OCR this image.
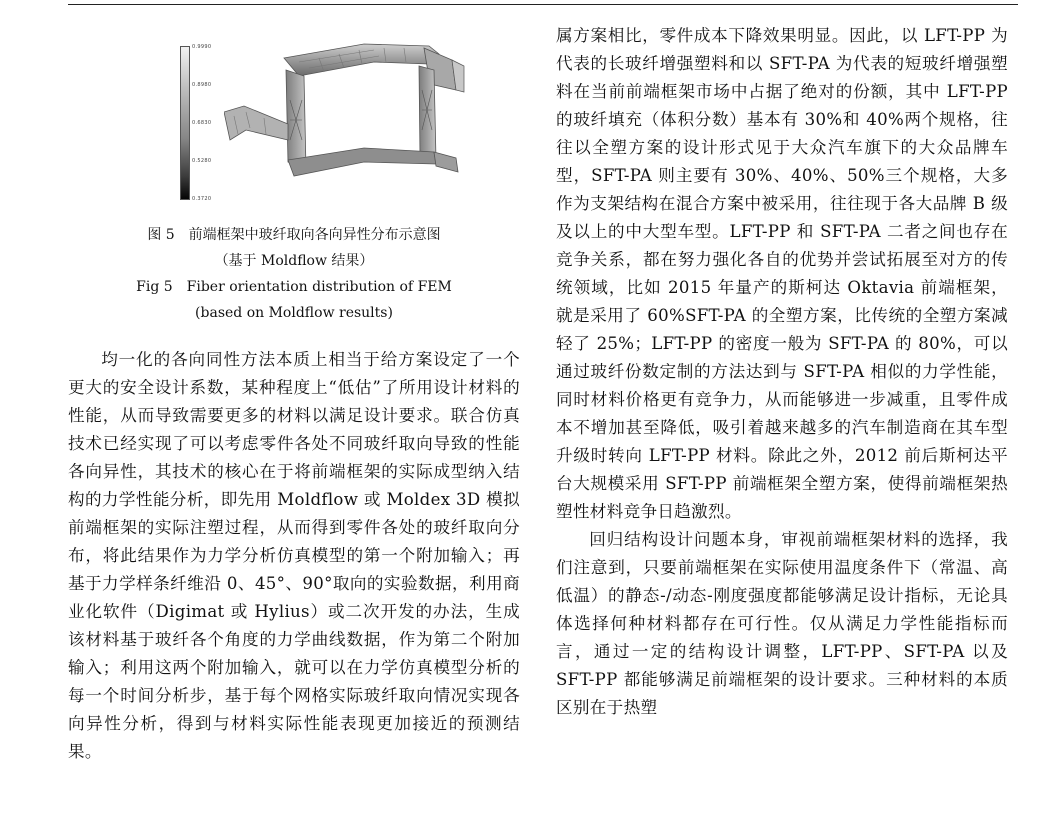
0.9990
0.8980
0.6830
0.5280
0.3720
图 5 前端框架中玻纤取向各向异性分布示意图
（基于 Moldflow 结果）
Fig 5 Fiber orientation distribution of FEM
(based on Moldflow results)

均一化的各向同性方法本质上相当于给方案设定了一个更大的安全设计系数，某种程度上“低估”了所用设计材料的性能，从而导致需要更多的材料以满足设计要求。联合仿真技术已经实现了可以考虑零件各处不同玻纤取向导致的性能各向异性，其技术的核心在于将前端框架的实际成型纳入结构的力学性能分析，即先用 Moldflow 或 Moldex 3D 模拟前端框架的实际注塑过程，从而得到零件各处的玻纤取向分布，将此结果作为力学分析仿真模型的第一个附加输入；再基于力学样条纤维沿 0、45°、90°取向的实验数据，利用商业化软件（Digimat 或 Hylius）或二次开发的办法，生成该材料基于玻纤各个角度的力学曲线数据，作为第二个附加输入；利用这两个附加输入，就可以在力学仿真模型分析的每一个时间分析步，基于每个网格实际玻纤取向情况实现各向异性分析，得到与材料实际性能表现更加接近的预测结果。

属方案相比，零件成本下降效果明显。因此，以 LFT-PP 为代表的长玻纤增强塑料和以 SFT-PA 为代表的短玻纤增强塑料在当前前端框架市场中占据了绝对的份额，其中 LFT-PP 的玻纤填充（体积分数）基本有 30%和 40%两个规格，往往以全塑方案的设计形式见于大众汽车旗下的大众品牌车型，SFT-PA 则主要有 30%、40%、50%三个规格，大多作为支架结构在混合方案中被采用，往往现于各大品牌 B 级及以上的中大型车型。LFT-PP 和 SFT-PA 二者之间也存在竞争关系，都在努力强化各自的优势并尝试拓展至对方的传统领域，比如 2015 年量产的斯柯达 Oktavia 前端框架，就是采用了 60%SFT-PA 的全塑方案，比传统的全塑方案减轻了 25%；LFT-PP 的密度一般为 SFT-PA 的 80%，可以通过玻纤份数定制的方法达到与 SFT-PA 相似的力学性能，同时材料价格更有竞争力，从而能够进一步减重，且零件成本不增加甚至降低，吸引着越来越多的汽车制造商在其车型升级时转向 LFT-PP 材料。除此之外，2012 前后斯柯达平台大规模采用 SFT-PP 前端框架全塑方案，使得前端框架热塑性材料竞争日趋激烈。

回归结构设计问题本身，审视前端框架材料的选择，我们注意到，只要前端框架在实际使用温度条件下（常温、高低温）的静态-/动态-刚度强度都能够满足设计指标，无论具体选择何种材料都存在可行性。仅从满足力学性能指标而言，通过一定的结构设计调整，LFT-PP、SFT-PA 以及 SFT-PP 都能够满足前端框架的设计要求。三种材料的本质区别在于热塑
